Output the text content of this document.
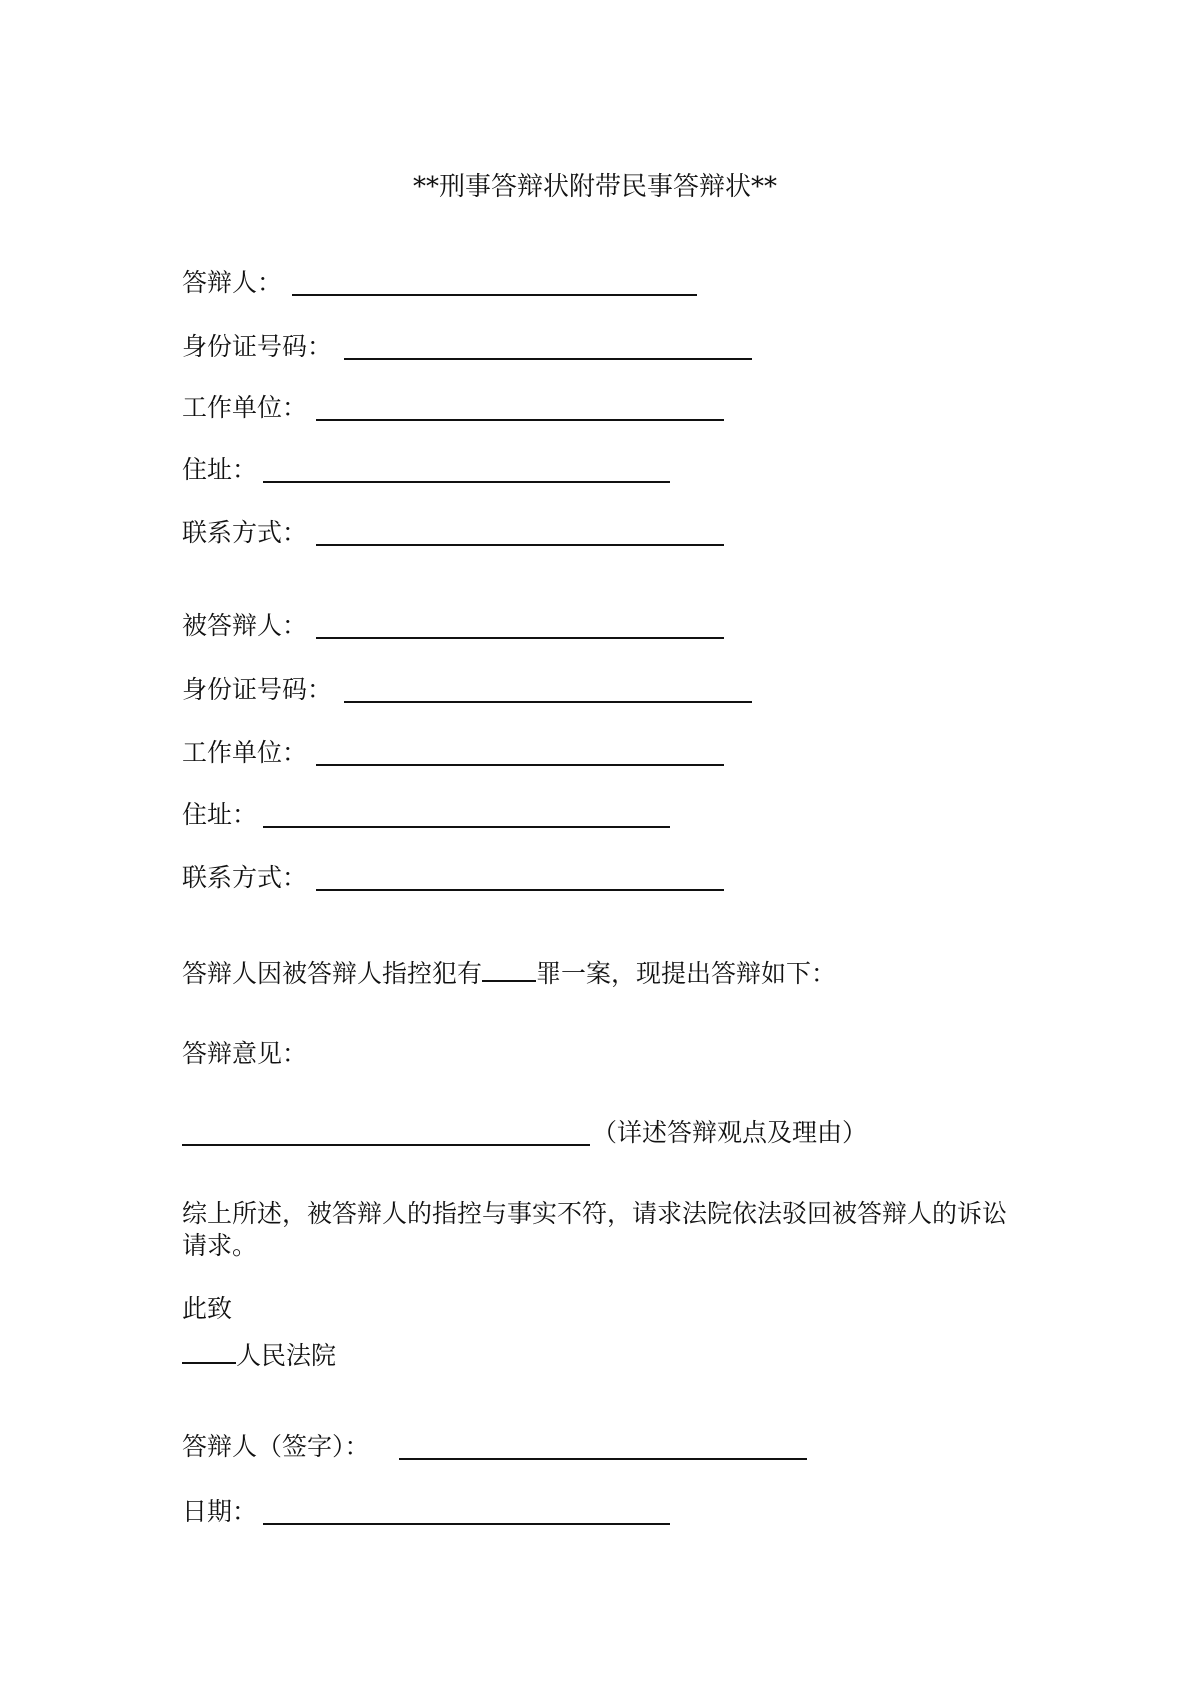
**刑事答辩状附带民事答辩状**
答辩人：
身份证号码：
工作单位：
住址：
联系方式：
被答辩人：
身份证号码：
工作单位：
住址：
联系方式：
答辩人因被答辩人指控犯有 罪一案，现提出答辩如下：
答辩意见：
（详述答辩观点及理由）
综上所述，被答辩人的指控与事实不符，请求法院依法驳回被答辩人的诉讼请求。
此致
人民法院
答辩人（签字）：
日期：
